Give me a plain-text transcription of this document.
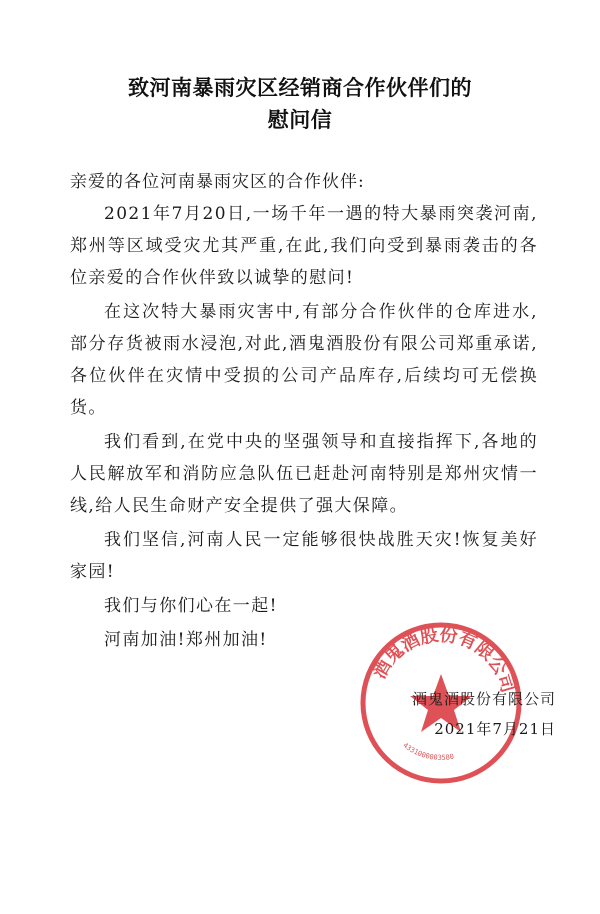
致河南暴雨灾区经销商合作伙伴们的
慰问信
亲爱的各位河南暴雨灾区的合作伙伴:

2021年7月20日,一场千年一遇的特大暴雨突袭河南,郑州等区域受灾尤其严重,在此,我们向受到暴雨袭击的各位亲爱的合作伙伴致以诚挚的慰问!

在这次特大暴雨灾害中,有部分合作伙伴的仓库进水,部分存货被雨水浸泡,对此,酒鬼酒股份有限公司郑重承诺,各位伙伴在灾情中受损的公司产品库存,后续均可无偿换货。

我们看到,在党中央的坚强领导和直接指挥下,各地的人民解放军和消防应急队伍已赶赴河南特别是郑州灾情一线,给人民生命财产安全提供了强大保障。

我们坚信,河南人民一定能够很快战胜天灾!恢复美好家园!

我们与你们心在一起!

河南加油!郑州加油!

酒鬼酒股份有限公司
4331000003580
酒鬼酒股份有限公司
2021年7月21日
